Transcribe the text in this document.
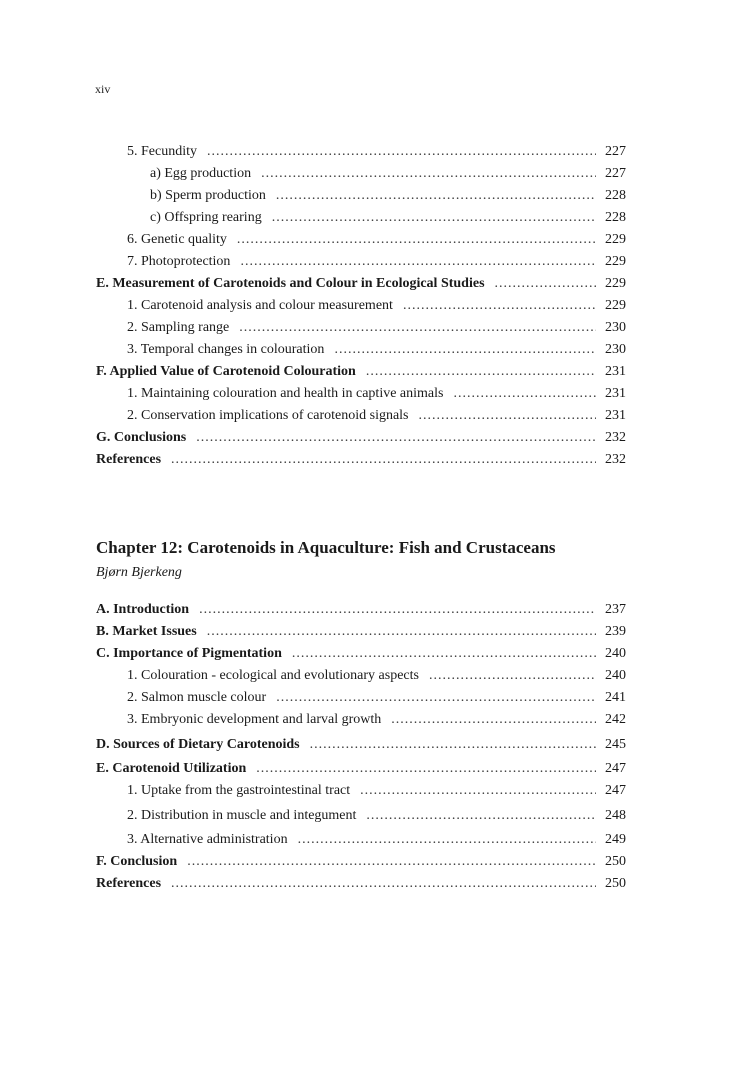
xiv
5. Fecundity .....	227
a) Egg production .....	227
b) Sperm production .....	228
c) Offspring rearing .....	228
6. Genetic quality .....	229
7. Photoprotection .....	229
E. Measurement of Carotenoids and Colour in Ecological Studies .....	229
1. Carotenoid analysis and colour measurement .....	229
2. Sampling range .....	230
3. Temporal changes in colouration .....	230
F. Applied Value of Carotenoid Colouration .....	231
1. Maintaining colouration and health in captive animals .....	231
2. Conservation implications of carotenoid signals .....	231
G. Conclusions .....	232
References .....	232
Chapter 12: Carotenoids in Aquaculture: Fish and Crustaceans
Bjørn Bjerkeng
A. Introduction .....	237
B. Market Issues .....	239
C. Importance of Pigmentation .....	240
1. Colouration - ecological and evolutionary aspects .....	240
2. Salmon muscle colour .....	241
3. Embryonic development and larval growth .....	242
D. Sources of Dietary Carotenoids .....	245
E. Carotenoid Utilization .....	247
1. Uptake from the gastrointestinal tract .....	247
2. Distribution in muscle and integument .....	248
3. Alternative administration .....	249
F. Conclusion .....	250
References .....	250
